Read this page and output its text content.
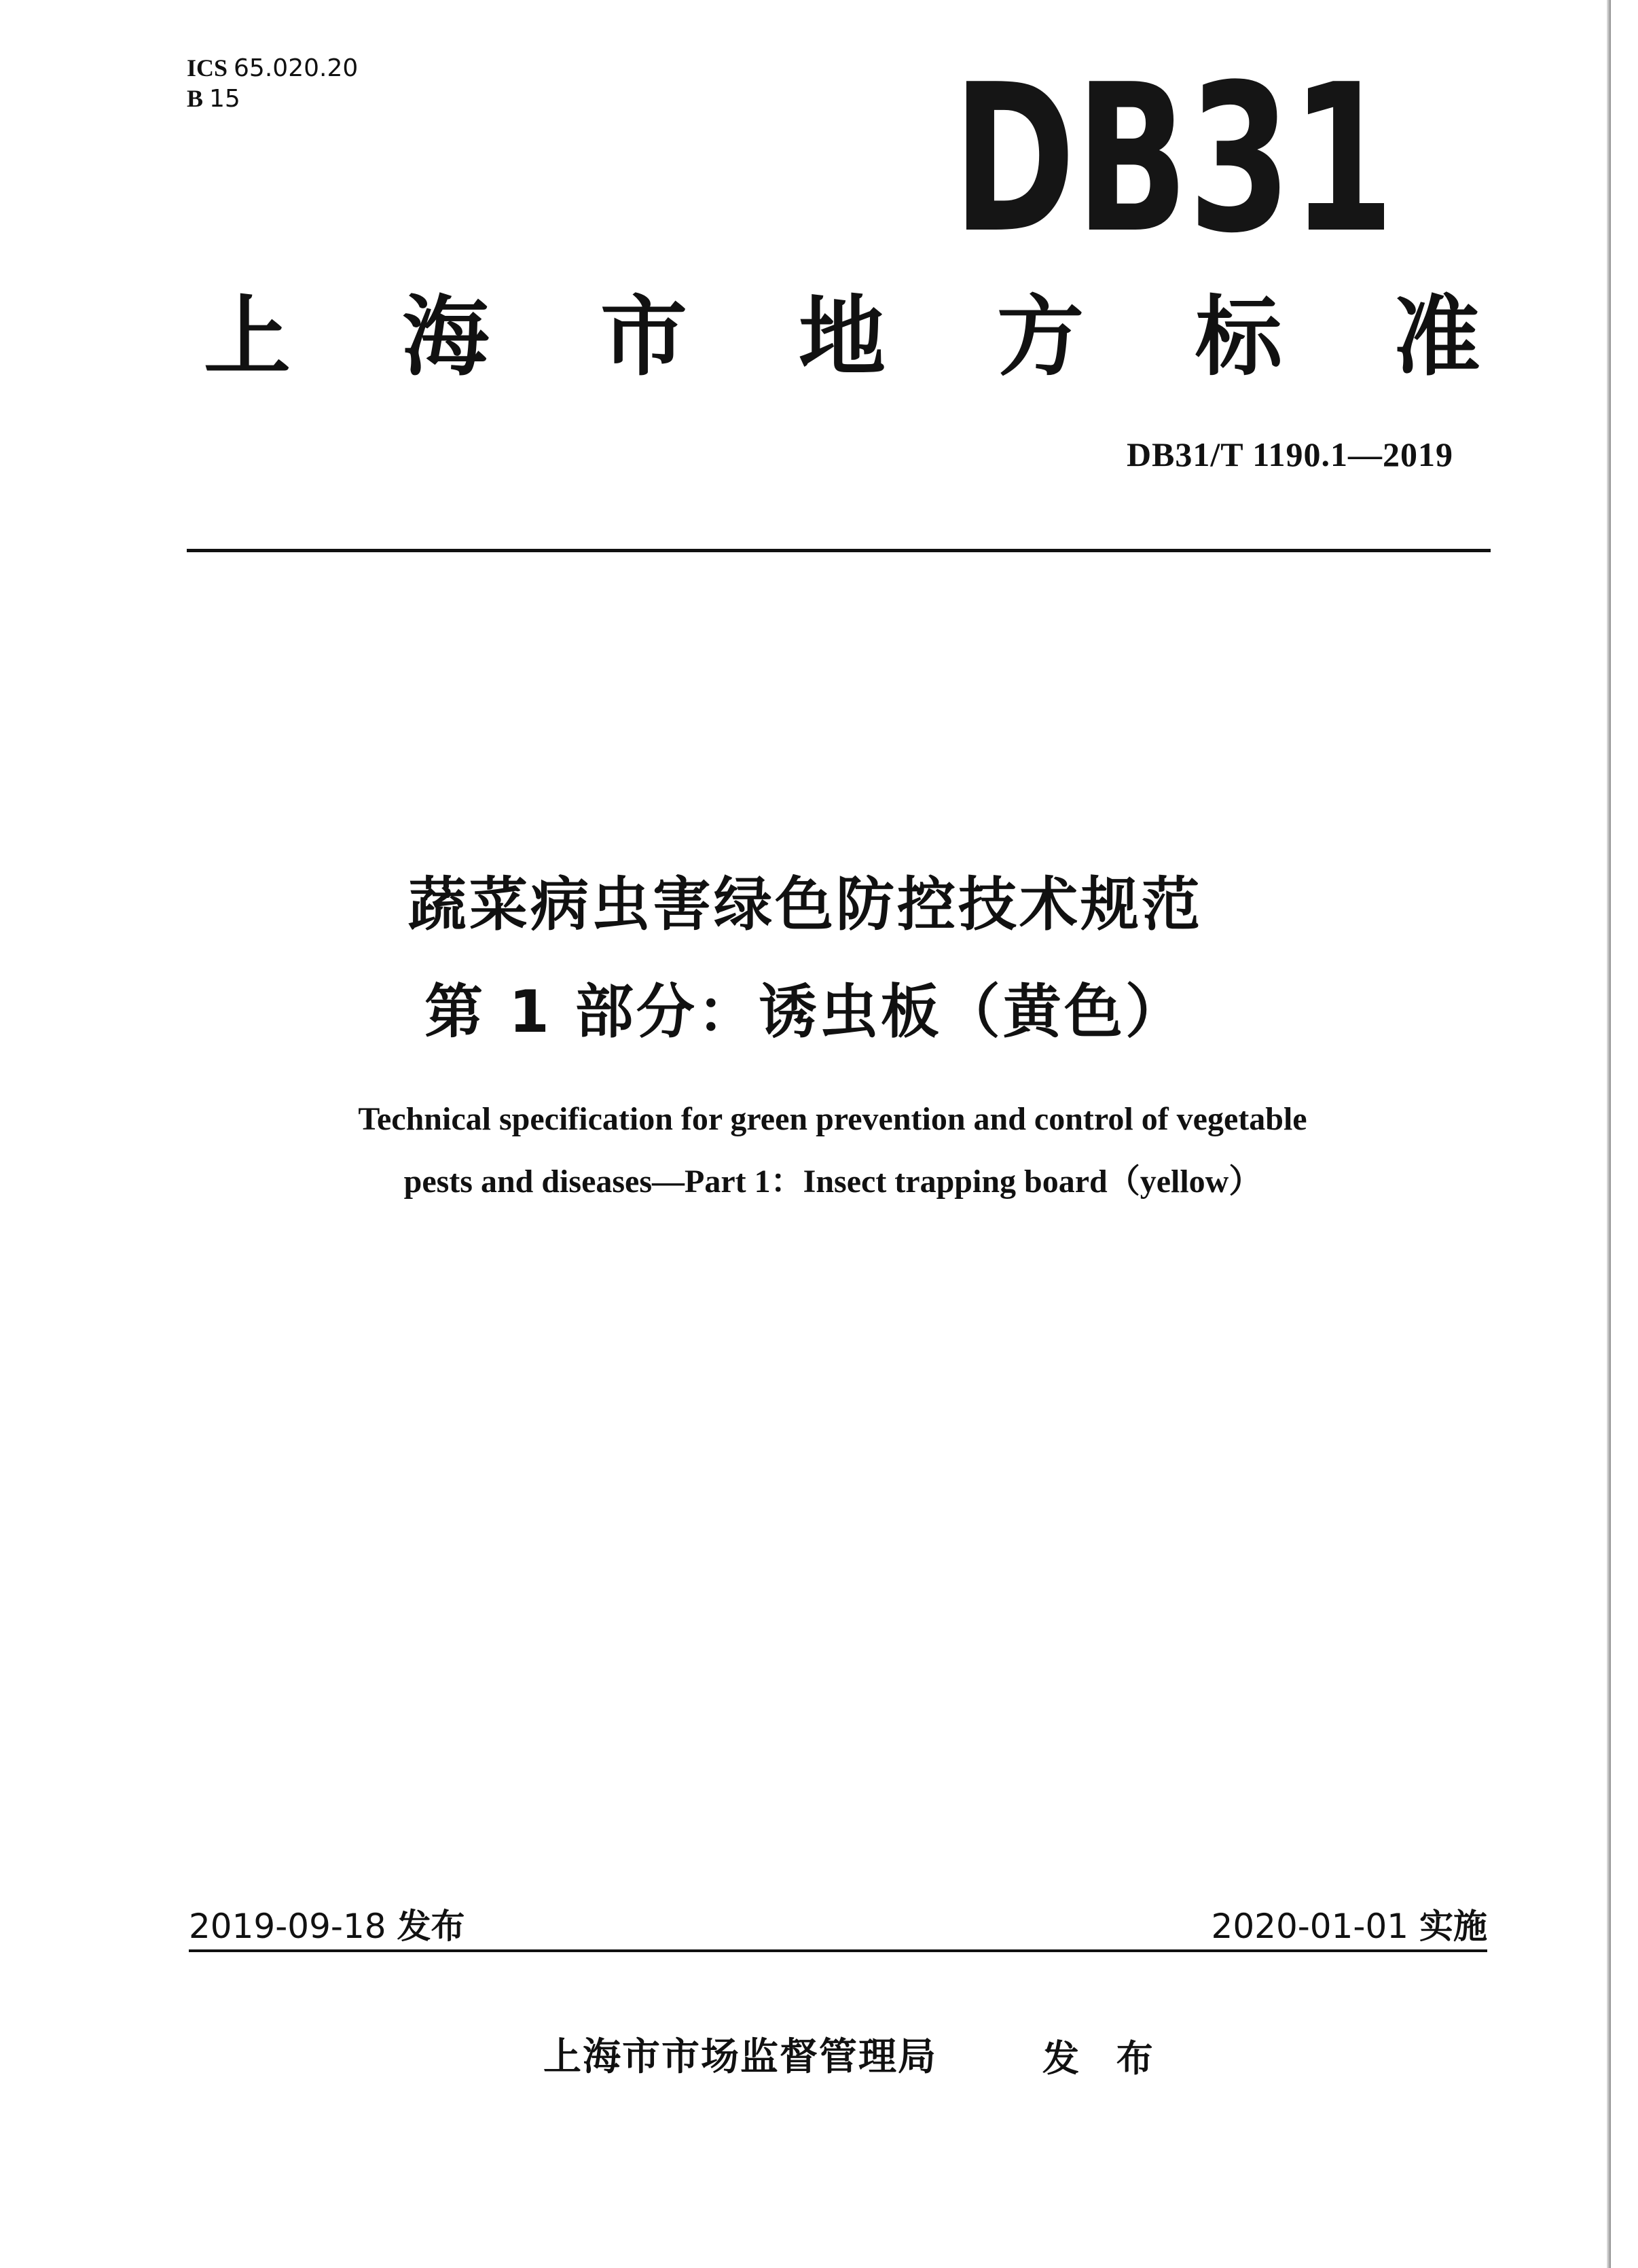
ICS 65.020.20
B 15	DB31
上 海 市 地 方 标 准
DB31/T 1190.1—2019
蔬菜病虫害绿色防控技术规范
第 1 部分：诱虫板（黄色）
Technical specification for green prevention and control of vegetable
pests and diseases—Part 1：Insect trapping board（yellow）
2019-09-18 发布	2020-01-01 实施
上海市市场监督管理局	发 布
